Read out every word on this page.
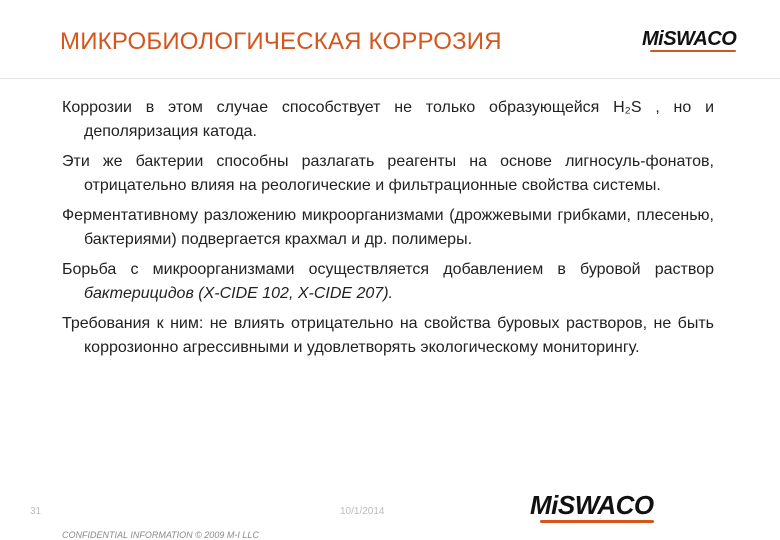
МИКРОБИОЛОГИЧЕСКАЯ КОРРОЗИЯ	MiSWACO

Коррозии в этом случае способствует не только образующейся H₂S , но и деполяризация катода.

Эти же бактерии способны разлагать реагенты на основе лигносуль-фонатов, отрицательно влияя на реологические и фильтрационные свойства системы.

Ферментативному разложению микроорганизмами (дрожжевыми грибками, плесенью, бактериями) подвергается крахмал и др. полимеры.

Борьба с микроорганизмами осуществляется добавлением в буровой раствор бактерицидов (X-CIDE 102, X-CIDE 207).

Требования к ним: не влиять отрицательно на свойства буровых растворов, не быть коррозионно агрессивными и удовлетворять экологическому мониторингу.

31	10/1/2014	MiSWACO
CONFIDENTIAL INFORMATION © 2009 M-I LLC
